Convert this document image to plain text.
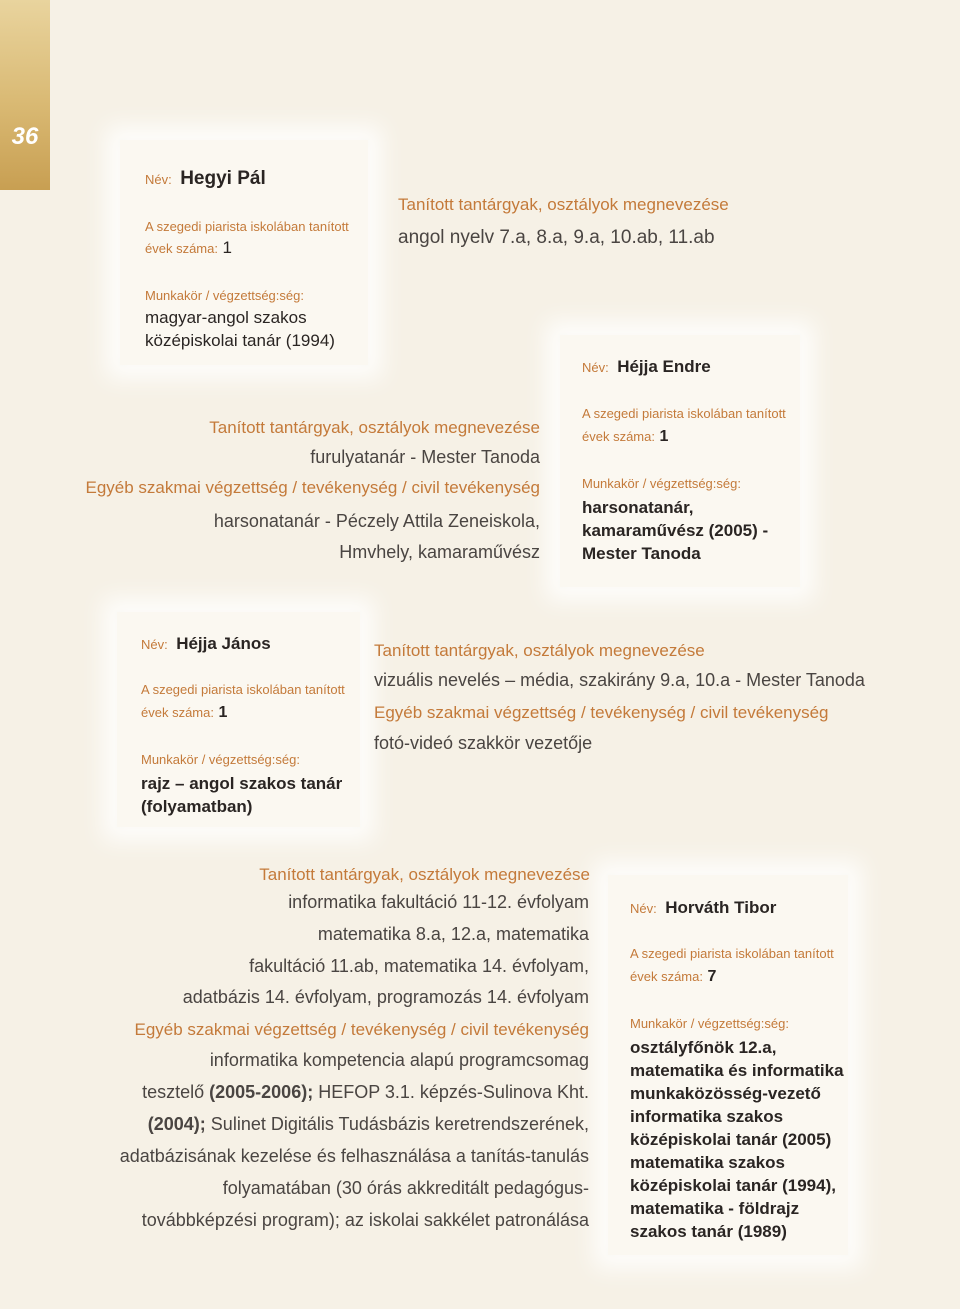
36
Név: Hegyi Pál
A szegedi piarista iskolában tanított
évek száma: 1
Munkakör / végzettség:ség:
magyar-angol szakos
középiskolai tanár (1994)
Tanított tantárgyak, osztályok megnevezése
angol nyelv 7.a, 8.a, 9.a, 10.ab, 11.ab
Név: Héjja Endre
A szegedi piarista iskolában tanított
évek száma: 1
Munkakör / végzettség:ség:
harsonatanár,
kamaraművész (2005) -
Mester Tanoda
Tanított tantárgyak, osztályok megnevezése
furulyatanár - Mester Tanoda
Egyéb szakmai végzettség / tevékenység / civil tevékenység
harsonatanár - Péczely Attila Zeneiskola,
Hmvhely, kamaraművész
Név: Héjja János
A szegedi piarista iskolában tanított
évek száma: 1
Munkakör / végzettség:ség:
rajz – angol szakos tanár
(folyamatban)
Tanított tantárgyak, osztályok megnevezése
vizuális nevelés – média, szakirány 9.a, 10.a - Mester Tanoda
Egyéb szakmai végzettség / tevékenység / civil tevékenység
fotó-videó szakkör vezetője
Név: Horváth Tibor
A szegedi piarista iskolában tanított
évek száma: 7
Munkakör / végzettség:ség:
osztályfőnök 12.a,
matematika és informatika
munkaközösség-vezető
informatika szakos
középiskolai tanár (2005)
matematika szakos
középiskolai tanár (1994),
matematika - földrajz
szakos tanár (1989)
Tanított tantárgyak, osztályok megnevezése
informatika fakultáció 11-12. évfolyam
matematika 8.a, 12.a, matematika
fakultáció 11.ab, matematika 14. évfolyam,
adatbázis 14. évfolyam, programozás 14. évfolyam
Egyéb szakmai végzettség / tevékenység / civil tevékenység
informatika kompetencia alapú programcsomag
tesztelő (2005-2006); HEFOP 3.1. képzés-Sulinova Kht.
(2004); Sulinet Digitális Tudásbázis keretrendszerének,
adatbázisának kezelése és felhasználása a tanítás-tanulás
folyamatában (30 órás akkreditált pedagógus-
továbbképzési program); az iskolai sakkélet patronálása
